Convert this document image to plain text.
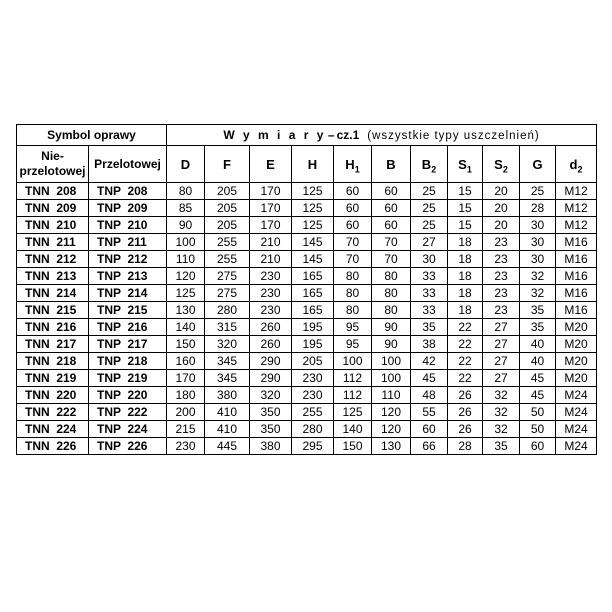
Symbol oprawy		W y m i a r y – cz.1 (wszystkie typy uszczelnień)										
Nie-
przelotowej	Przelotowej	D	F	E	H	$H_1$	B	$B_2$	$S_1$	$S_2$	G	$d_2$
TNN  208	TNP  208	80	205	170	125	60	60	25	15	20	25	M12
TNN  209	TNP  209	85	205	170	125	60	60	25	15	20	28	M12
TNN  210	TNP  210	90	205	170	125	60	60	25	15	20	30	M12
TNN  211	TNP  211	100	255	210	145	70	70	27	18	23	30	M16
TNN  212	TNP  212	110	255	210	145	70	70	30	18	23	30	M16
TNN  213	TNP  213	120	275	230	165	80	80	33	18	23	32	M16
TNN  214	TNP  214	125	275	230	165	80	80	33	18	23	32	M16
TNN  215	TNP  215	130	280	230	165	80	80	33	18	23	35	M16
TNN  216	TNP  216	140	315	260	195	95	90	35	22	27	35	M20
TNN  217	TNP  217	150	320	260	195	95	90	38	22	27	40	M20
TNN  218	TNP  218	160	345	290	205	100	100	42	22	27	40	M20
TNN  219	TNP  219	170	345	290	230	112	100	45	22	27	45	M20
TNN  220	TNP  220	180	380	320	230	112	110	48	26	32	45	M24
TNN  222	TNP  222	200	410	350	255	125	120	55	26	32	50	M24
TNN  224	TNP  224	215	410	350	280	140	120	60	26	32	50	M24
TNN  226	TNP  226	230	445	380	295	150	130	66	28	35	60	M24
